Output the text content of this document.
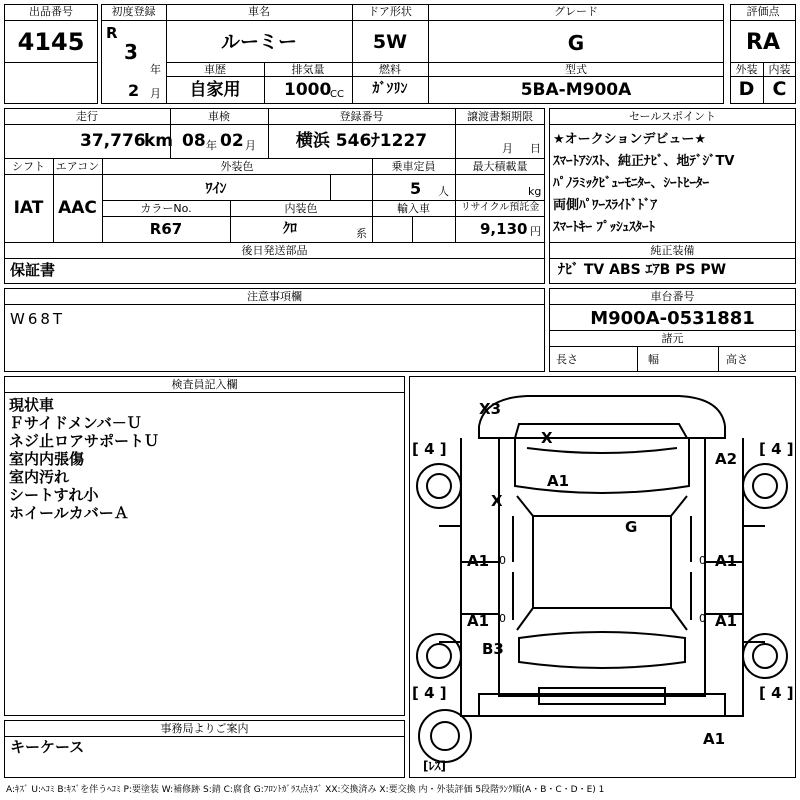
出品番号
4145
初度登録
R
3
年
2 月
車名
ルーミー
ドア形状
5W
グレード
G
車歴
自家用
排気量
1000
CC
燃料
ｶﾞｿﾘﾝ
型式
5BA-M900A
評価点
RA
外装	内装
D C
走行
37,776
km
車検
08 年 02 月
登録番号
横浜 546ﾅ1227
譲渡書類期限
月 日
シフト エアコン
IAT AAC
外装色
ﾜｲﾝ
乗車定員
5 人
最大積載量
kg
カラーNo.
R67
内装色
ｸﾛ	系
輸入車	リサイクル預託金
9,130 円
後日発送部品
保証書
セールスポイント
★オークションデビュー★
ｽﾏｰﾄｱｼｽﾄ、純正ﾅﾋﾞ、地ﾃﾞｼﾞTV
ﾊﾟﾉﾗﾐｯｸﾋﾞｭｰﾓﾆﾀｰ、ｼｰﾄﾋｰﾀｰ
両側ﾊﾟﾜｰｽﾗｲﾄﾞﾄﾞｱ
ｽﾏｰﾄｷｰ ﾌﾟｯｼｭｽﾀｰﾄ
純正装備
ﾅﾋﾞ TV ABS ｴｱB PS PW
注意事項欄
W68T
車台番号
M900A-0531881
諸元
長さ	幅	高さ
検査員記入欄
現状車
Ｆサイドメンバ－Ｕ
ネジ止ロアサポートＵ
室内内張傷
室内汚れ
シートすれ小
ホイールカバーＡ
事務局よりご案内
キーケース
[ 4 ]	[ 4 ]
[ 4 ]	[ 4 ]
X3
X
X
A1
A2
G
A1	A1
A1	A1
B3
A1
0	0
0	0
[ﾚｽ]
A:ｷｽﾞ U:ﾍｺﾐ B:ｷｽﾞを伴うﾍｺﾐ P:要塗装 W:補修跡 S:錆 C:腐食 G:ﾌﾛﾝﾄｶﾞﾗｽ点ｷｽﾞ XX:交換済み X:要交換 内・外装評価 5段階ﾗﾝｸ順(A・B・C・D・E) 1
